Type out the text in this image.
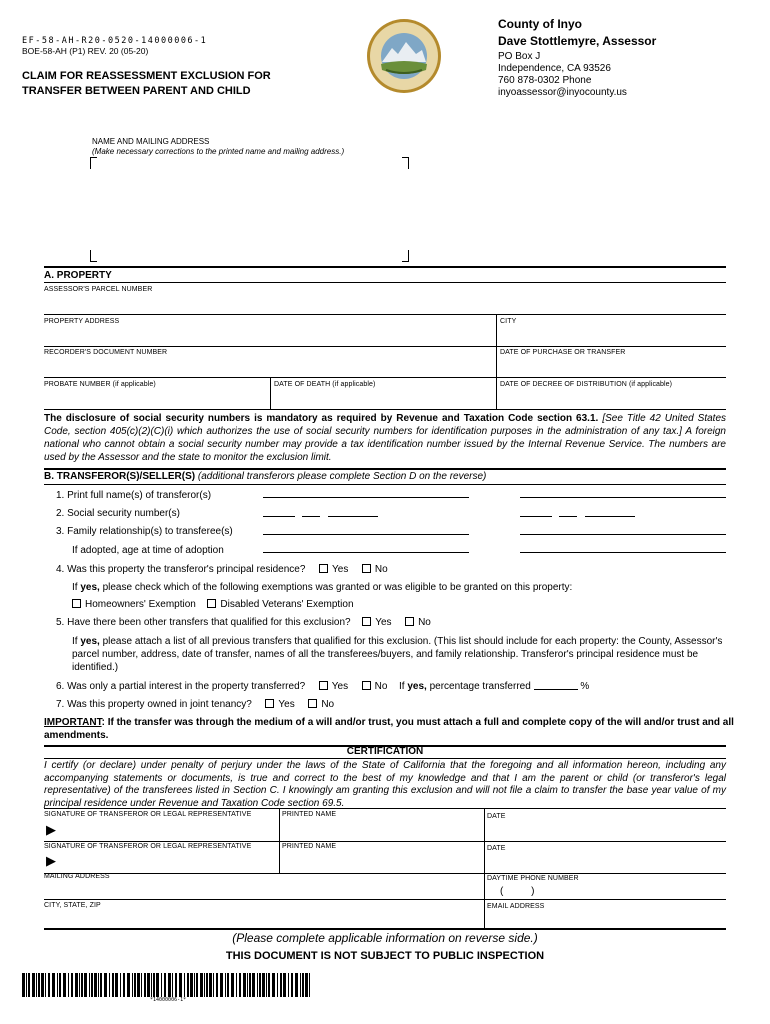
EF-58-AH-R20-0520-14000006-1
BOE-58-AH (P1) REV. 20 (05-20)
CLAIM FOR REASSESSMENT EXCLUSION FOR
TRANSFER BETWEEN PARENT AND CHILD
County of Inyo
Dave Stottlemyre, Assessor
PO Box J
Independence, CA 93526
760 878-0302 Phone
inyoassessor@inyocounty.us
NAME AND MAILING ADDRESS
(Make necessary corrections to the printed name and mailing address.)
A. PROPERTY
ASSESSOR'S PARCEL NUMBER
PROPERTY ADDRESS	CITY
RECORDER'S DOCUMENT NUMBER	DATE OF PURCHASE OR TRANSFER
PROBATE NUMBER (if applicable)	DATE OF DEATH (if applicable)	DATE OF DECREE OF DISTRIBUTION (if applicable)
The disclosure of social security numbers is mandatory as required by Revenue and Taxation Code section 63.1. [See Title 42 United States Code, section 405(c)(2)(C)(i) which authorizes the use of social security numbers for identification purposes in the administration of any tax.] A foreign national who cannot obtain a social security number may provide a tax identification number issued by the Internal Revenue Service. The numbers are used by the Assessor and the state to monitor the exclusion limit.
B. TRANSFEROR(S)/SELLER(S) (additional transferors please complete Section D on the reverse)
1. Print full name(s) of transferor(s)
2. Social security number(s)
3. Family relationship(s) to transferee(s)
If adopted, age at time of adoption
4. Was this property the transferor's principal residence?	Yes	No
If yes, please check which of the following exemptions was granted or was eligible to be granted on this property:
Homeowners' Exemption Disabled Veterans' Exemption
5. Have there been other transfers that qualified for this exclusion? Yes	No
If yes, please attach a list of all previous transfers that qualified for this exclusion. (This list should include for each property: the County, Assessor's parcel number, address, date of transfer, names of all the transferees/buyers, and family relationship. Transferor's principal residence must be identified.)
6. Was only a partial interest in the property transferred?	Yes	No If yes, percentage transferred	%
7. Was this property owned in joint tenancy?	Yes	No
IMPORTANT: If the transfer was through the medium of a will and/or trust, you must attach a full and complete copy of the will and/or trust and all amendments.
CERTIFICATION
I certify (or declare) under penalty of perjury under the laws of the State of California that the foregoing and all information hereon, including any accompanying statements or documents, is true and correct to the best of my knowledge and that I am the parent or child (or transferor's legal representative) of the transferees listed in Section C. I knowingly am granting this exclusion and will not file a claim to transfer the base year value of my principal residence under Revenue and Taxation Code section 69.5.
SIGNATURE OF TRANSFEROR OR LEGAL REPRESENTATIVE
▶
PRINTED NAME	DATE
SIGNATURE OF TRANSFEROR OR LEGAL REPRESENTATIVE
▶
PRINTED NAME	DATE
MAILING ADDRESS	DAYTIME PHONE NUMBER
(          )
CITY, STATE, ZIP	EMAIL ADDRESS
(Please complete applicable information on reverse side.)
THIS DOCUMENT IS NOT SUBJECT TO PUBLIC INSPECTION
*14000006-1*
